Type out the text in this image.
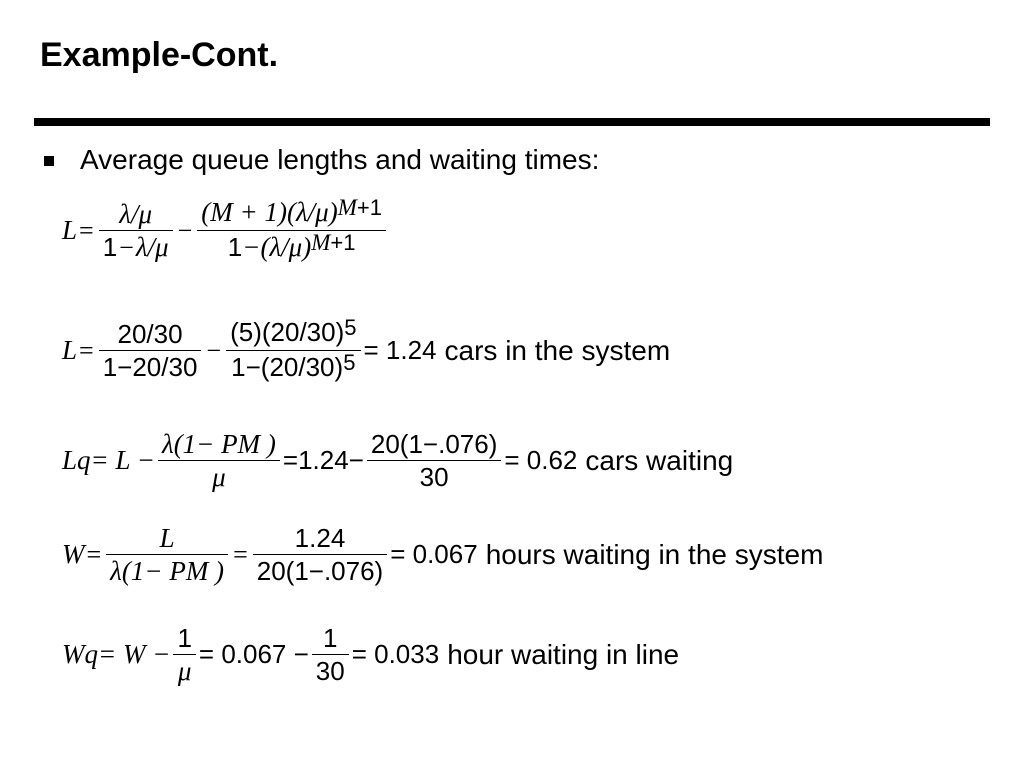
Example-Cont.
Average queue lengths and waiting times:
$L = \frac{\lambda/\mu}{1 - \lambda/\mu} - \frac{(M + 1)(\lambda/\mu)^{M+1}}{1 -(\lambda/\mu)^{M+1}}$
$L = \frac{20/30}{1-20/30} - \frac{(5)(20/30)^5}{1-(20/30)^5} = 1.24$ cars in the system
$Lq = L - \frac{\lambda(1- PM )}{\mu} =1.24- \frac{20(1-.076)}{30} = 0.62$ cars waiting
$W = \frac{L}{\lambda(1- PM )} = \frac{1.24}{20(1-.076)} = 0.067$ hours waiting in the system
$Wq = W - \frac{1}{\mu} = 0.067 - \frac{1}{30} = 0.033$ hour waiting in line
